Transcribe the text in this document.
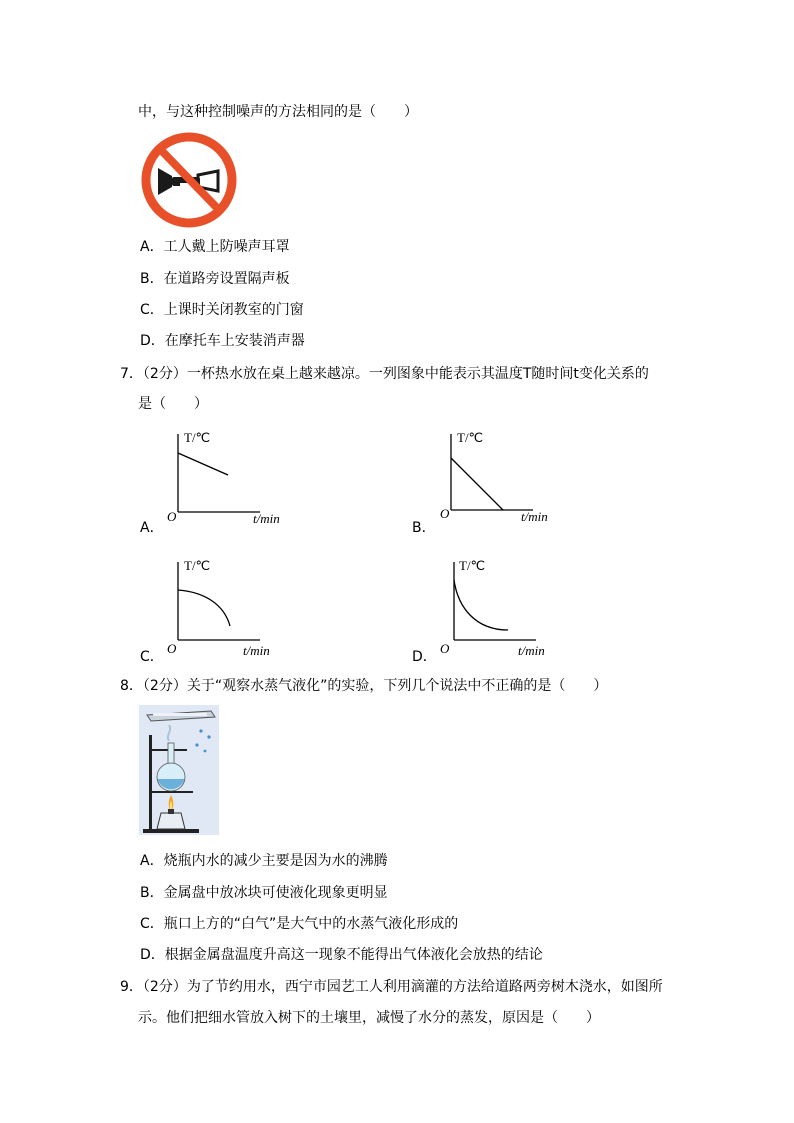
中，与这种控制噪声的方法相同的是（　　）
A．工人戴上防噪声耳罩
B．在道路旁设置隔声板
C．上课时关闭教室的门窗
D．在摩托车上安装消声器
7．（2分）一杯热水放在桌上越来越凉。一列图象中能表示其温度T随时间t变化关系的
是（　　）
T/℃
O	t/min
A．
T/℃
O	t/min
B．
T/℃
O	t/min
C．
T/℃
O	t/min
D．
8．（2分）关于“观察水蒸气液化”的实验，下列几个说法中不正确的是（　　）
A．烧瓶内水的减少主要是因为水的沸腾
B．金属盘中放冰块可使液化现象更明显
C．瓶口上方的“白气”是大气中的水蒸气液化形成的
D．根据金属盘温度升高这一现象不能得出气体液化会放热的结论
9．（2分）为了节约用水，西宁市园艺工人利用滴灌的方法给道路两旁树木浇水，如图所
示。他们把细水管放入树下的土壤里，减慢了水分的蒸发，原因是（　　）
